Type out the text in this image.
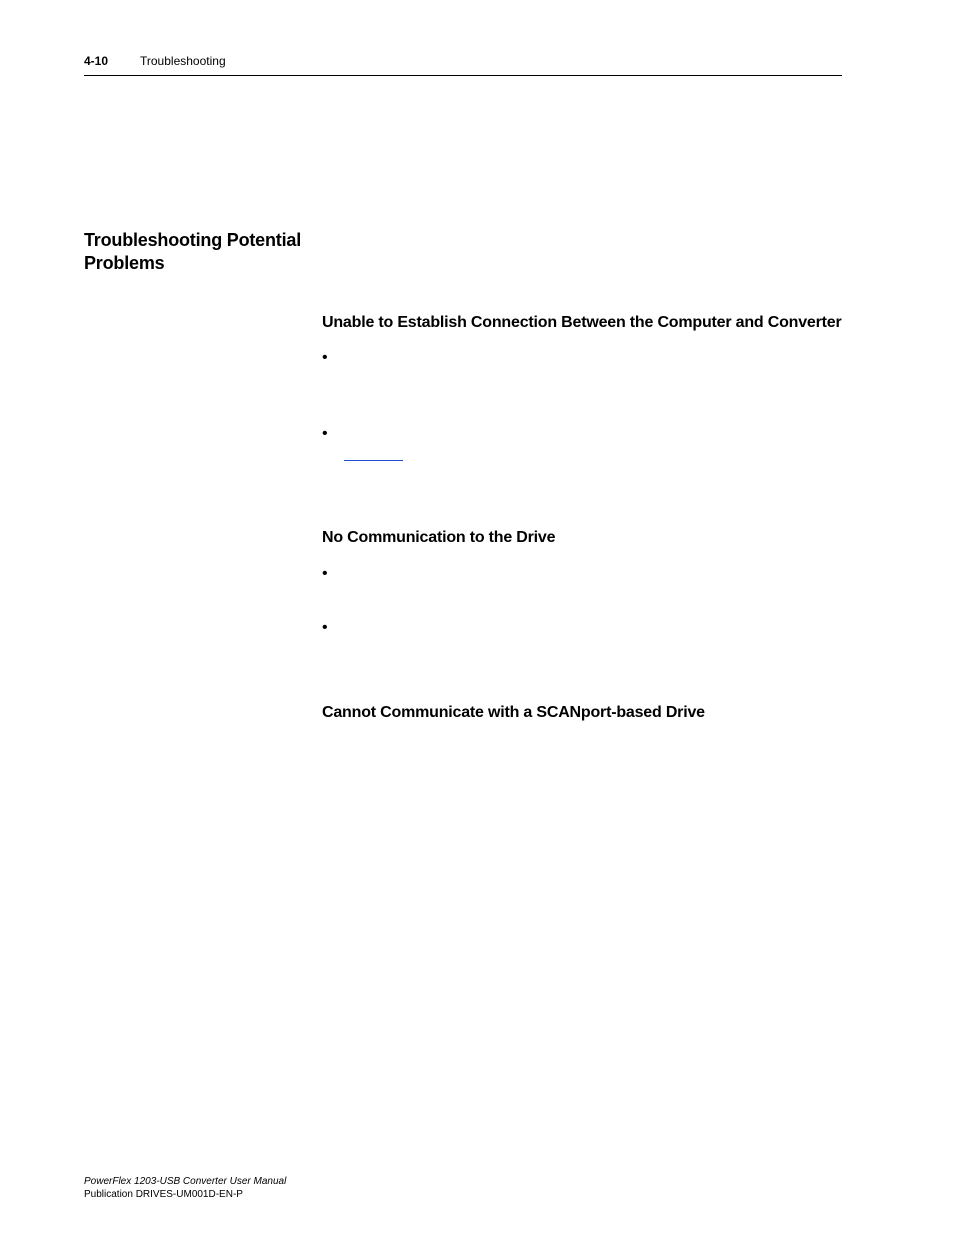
4-10	Troubleshooting
Troubleshooting Potential Problems
Unable to Establish Connection Between the Computer and Converter
•
•
No Communication to the Drive
•
•
Cannot Communicate with a SCANport-based Drive
PowerFlex 1203-USB Converter User Manual
Publication DRIVES-UM001D-EN-P
